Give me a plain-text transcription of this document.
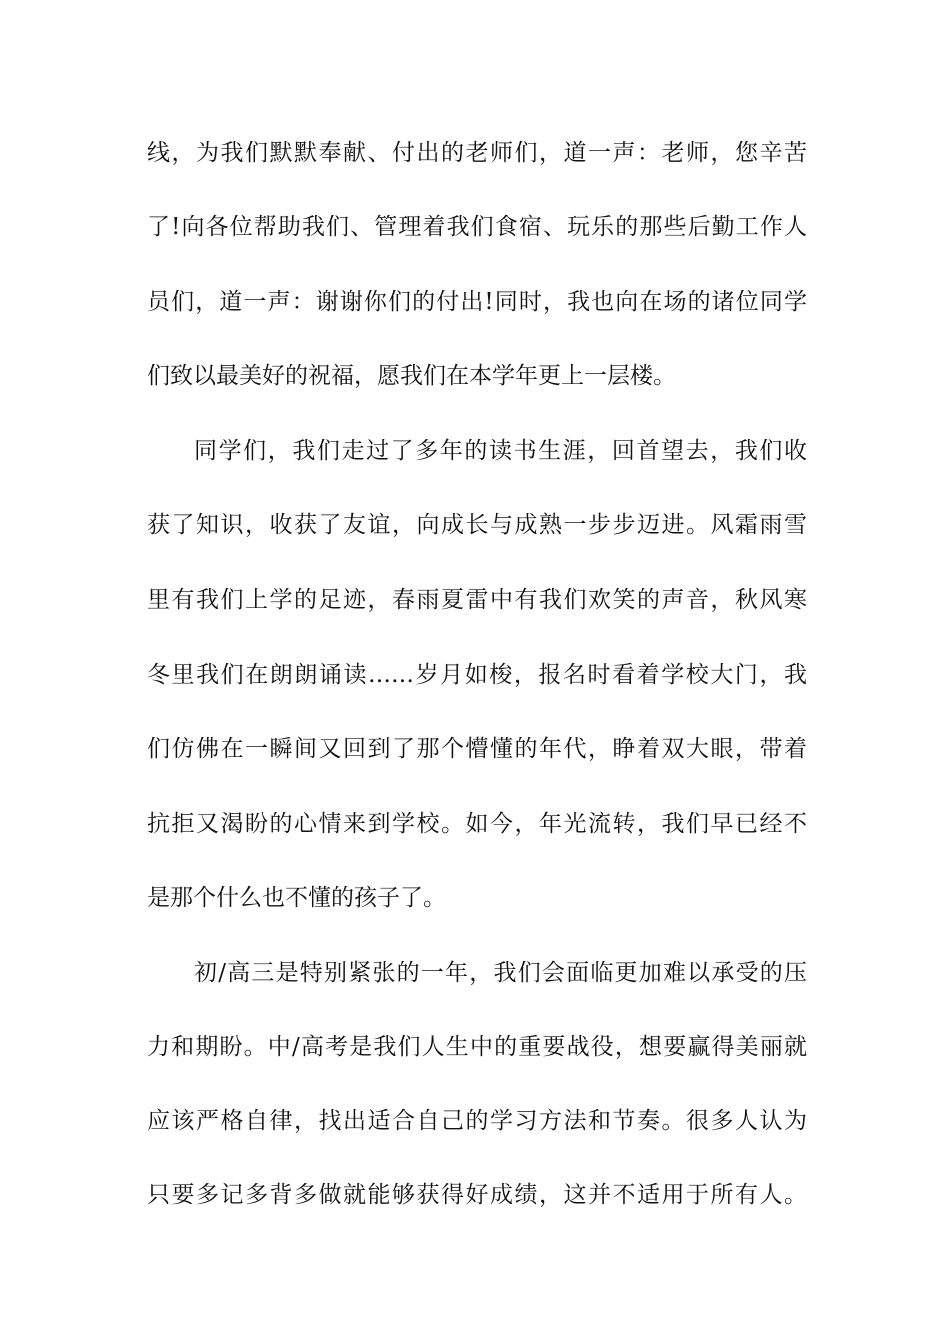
线，为我们默默奉献、付出的老师们，道一声：老师，您辛苦
了!向各位帮助我们、管理着我们食宿、玩乐的那些后勤工作人
员们，道一声：谢谢你们的付出!同时，我也向在场的诸位同学
们致以最美好的祝福，愿我们在本学年更上一层楼。
同学们，我们走过了多年的读书生涯，回首望去，我们收
获了知识，收获了友谊，向成长与成熟一步步迈进。风霜雨雪
里有我们上学的足迹，春雨夏雷中有我们欢笑的声音，秋风寒
冬里我们在朗朗诵读……岁月如梭，报名时看着学校大门，我
们仿佛在一瞬间又回到了那个懵懂的年代，睁着双大眼，带着
抗拒又渴盼的心情来到学校。如今，年光流转，我们早已经不
是那个什么也不懂的孩子了。
初/高三是特别紧张的一年，我们会面临更加难以承受的压
力和期盼。中/高考是我们人生中的重要战役，想要赢得美丽就
应该严格自律，找出适合自己的学习方法和节奏。很多人认为
只要多记多背多做就能够获得好成绩，这并不适用于所有人。
